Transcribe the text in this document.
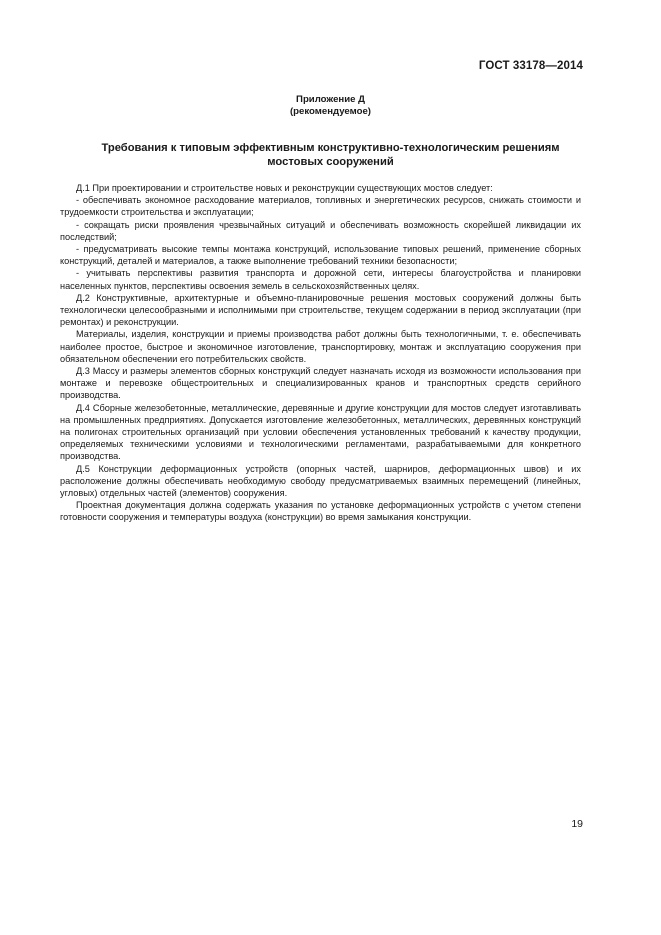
ГОСТ 33178—2014
Приложение Д
(рекомендуемое)
Требования к типовым эффективным конструктивно-технологическим решениям
мостовых сооружений

Д.1 При проектировании и строительстве новых и реконструкции существующих мостов следует:

- обеспечивать экономное расходование материалов, топливных и энергетических ресурсов, снижать стоимости и трудоемкости строительства и эксплуатации;

- сокращать риски проявления чрезвычайных ситуаций и обеспечивать возможность скорейшей ликвидации их последствий;

- предусматривать высокие темпы монтажа конструкций, использование типовых решений, применение сборных конструкций, деталей и материалов, а также выполнение требований техники безопасности;

- учитывать перспективы развития транспорта и дорожной сети, интересы благоустройства и планировки населенных пунктов, перспективы освоения земель в сельскохозяйственных целях.

Д.2 Конструктивные, архитектурные и объемно-планировочные решения мостовых сооружений должны быть технологически целесообразными и исполнимыми при строительстве, текущем содержании в период эксплуатации (при ремонтах) и реконструкции.

Материалы, изделия, конструкции и приемы производства работ должны быть технологичными, т. е. обеспечивать наиболее простое, быстрое и экономичное изготовление, транспортировку, монтаж и эксплуатацию сооружения при обязательном обеспечении его потребительских свойств.

Д.3 Массу и размеры элементов сборных конструкций следует назначать исходя из возможности использования при монтаже и перевозке общестроительных и специализированных кранов и транспортных средств серийного производства.

Д.4 Сборные железобетонные, металлические, деревянные и другие конструкции для мостов следует изготавливать на промышленных предприятиях. Допускается изготовление железобетонных, металлических, деревянных конструкций на полигонах строительных организаций при условии обеспечения установленных требований к качеству продукции, определяемых техническими условиями и технологическими регламентами, разрабатываемыми для конкретного производства.

Д.5 Конструкции деформационных устройств (опорных частей, шарниров, деформационных швов) и их расположение должны обеспечивать необходимую свободу предусматриваемых взаимных перемещений (линейных, угловых) отдельных частей (элементов) сооружения.

Проектная документация должна содержать указания по установке деформационных устройств с учетом степени готовности сооружения и температуры воздуха (конструкции) во время замыкания конструкции.

19
